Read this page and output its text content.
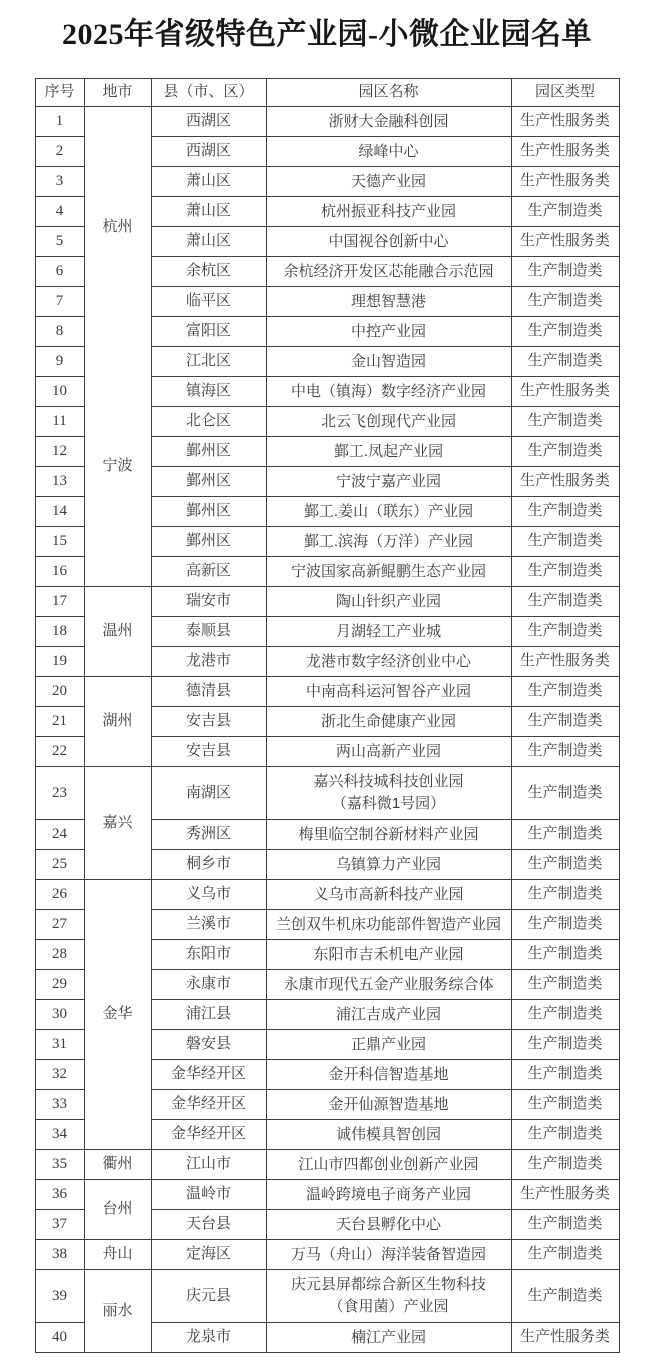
2025年省级特色产业园-小微企业园名单
序号	地市	县（市、区）	园区名称	园区类型
1	杭州	西湖区	浙财大金融科创园	生产性服务类
2		西湖区	绿峰中心	生产性服务类
3		萧山区	天德产业园	生产性服务类
4		萧山区	杭州振亚科技产业园	生产制造类
5		萧山区	中国视谷创新中心	生产性服务类
6		余杭区	余杭经济开发区芯能融合示范园	生产制造类
7		临平区	理想智慧港	生产制造类
8		富阳区	中控产业园	生产制造类
9	宁波	江北区	金山智造园	生产制造类
10		镇海区	中电（镇海）数字经济产业园	生产性服务类
11		北仑区	北云飞创现代产业园	生产制造类
12		鄞州区	鄞工.凤起产业园	生产制造类
13		鄞州区	宁波宁嘉产业园	生产性服务类
14		鄞州区	鄞工.姜山（联东）产业园	生产制造类
15		鄞州区	鄞工.滨海（万洋）产业园	生产制造类
16		高新区	宁波国家高新鲲鹏生态产业园	生产制造类
17	温州	瑞安市	陶山针织产业园	生产制造类
18		泰顺县	月湖轻工产业城	生产制造类
19		龙港市	龙港市数字经济创业中心	生产性服务类
20	湖州	德清县	中南高科运河智谷产业园	生产制造类
21		安吉县	浙北生命健康产业园	生产制造类
22		安吉县	两山高新产业园	生产制造类
23	嘉兴	南湖区	嘉兴科技城科技创业园
（嘉科微1号园）	生产制造类
24		秀洲区	梅里临空制谷新材料产业园	生产制造类
25		桐乡市	乌镇算力产业园	生产制造类
26	金华	义乌市	义乌市高新科技产业园	生产制造类
27		兰溪市	兰创双牛机床功能部件智造产业园	生产制造类
28		东阳市	东阳市吉禾机电产业园	生产制造类
29		永康市	永康市现代五金产业服务综合体	生产制造类
30		浦江县	浦江吉成产业园	生产制造类
31		磐安县	正鼎产业园	生产制造类
32		金华经开区	金开科信智造基地	生产制造类
33		金华经开区	金开仙源智造基地	生产制造类
34		金华经开区	诚伟模具智创园	生产制造类
35	衢州	江山市	江山市四都创业创新产业园	生产制造类
36	台州	温岭市	温岭跨境电子商务产业园	生产性服务类
37		天台县	天台县孵化中心	生产制造类
38	舟山	定海区	万马（舟山）海洋装备智造园	生产制造类
39	丽水	庆元县	庆元县屏都综合新区生物科技
（食用菌）产业园	生产制造类
40		龙泉市	楠江产业园	生产性服务类
